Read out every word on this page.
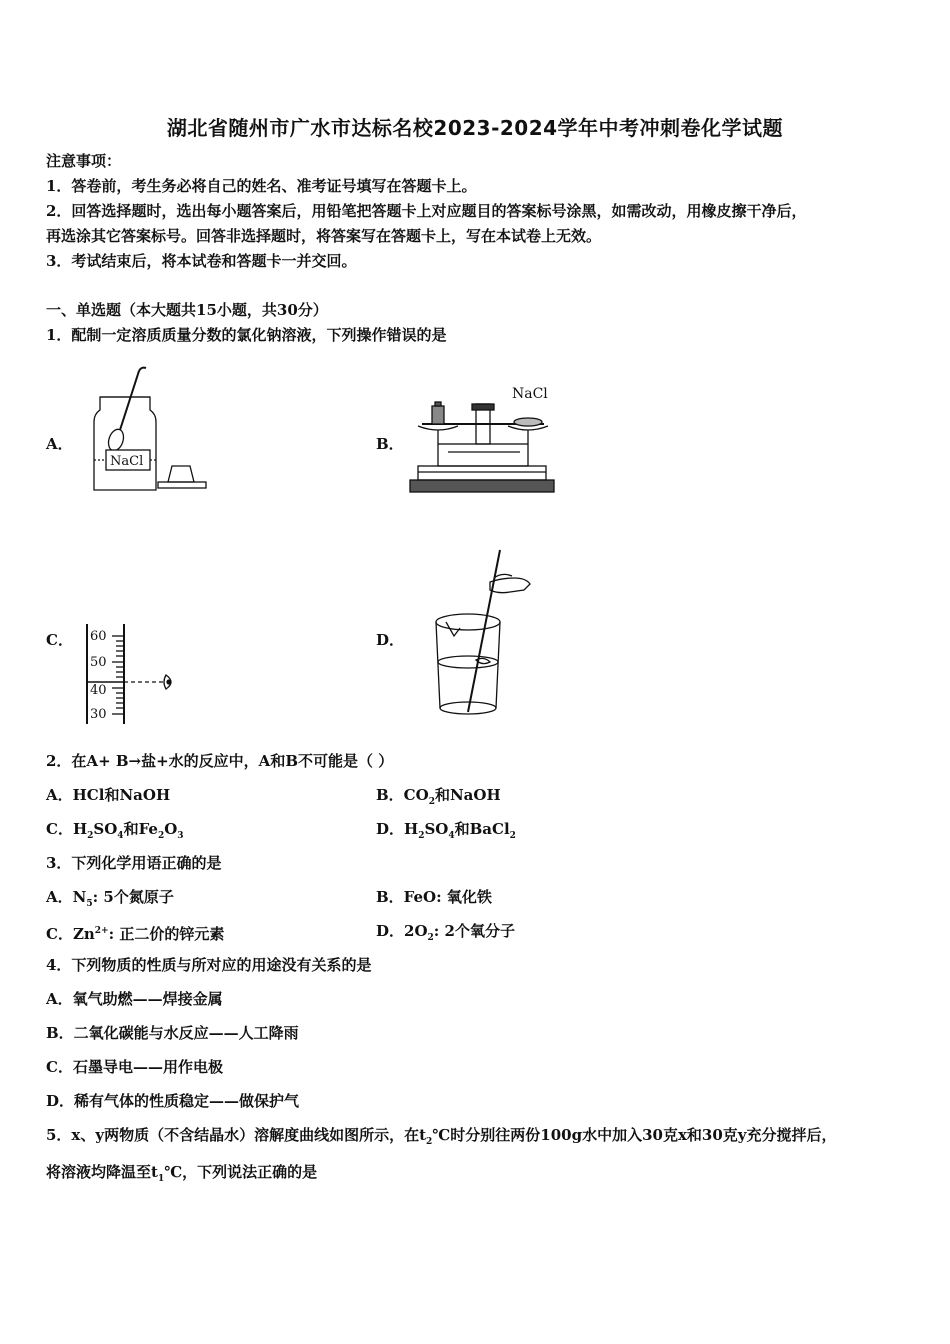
湖北省随州市广水市达标名校2023-2024学年中考冲刺卷化学试题
注意事项：
1．答卷前，考生务必将自己的姓名、准考证号填写在答题卡上。
2．回答选择题时，选出每小题答案后，用铅笔把答题卡上对应题目的答案标号涂黑，如需改动，用橡皮擦干净后，
再选涂其它答案标号。回答非选择题时，将答案写在答题卡上，写在本试卷上无效。
3．考试结束后，将本试卷和答题卡一并交回。
一、单选题（本大题共15小题，共30分）
1．配制一定溶质质量分数的氯化钠溶液，下列操作错误的是
A．	B．
C．	D．
NaCl
NaCl
60
50
40
30
2．在A+ B→盐+水的反应中，A和B不可能是（ ）
A．HCl和NaOH	B．$CO_2$和NaOH
C．$H_2SO_4$和$Fe_2O_3$	D．$H_2SO_4$和BaCl$_2$
3．下列化学用语正确的是
A．$N_5$: 5个氮原子	B．FeO: 氧化铁
C．$Zn^{2+}$: 正二价的锌元素	D．$2O_2$: 2个氧分子
4．下列物质的性质与所对应的用途没有关系的是
A．氧气助燃——焊接金属
B．二氧化碳能与水反应——人工降雨
C．石墨导电——用作电极
D．稀有气体的性质稳定——做保护气
5．x、y两物质（不含结晶水）溶解度曲线如图所示，在$t_2℃$时分别往两份100g水中加入30克x和30克y充分搅拌后，
将溶液均降温至$t_1℃$，下列说法正确的是
